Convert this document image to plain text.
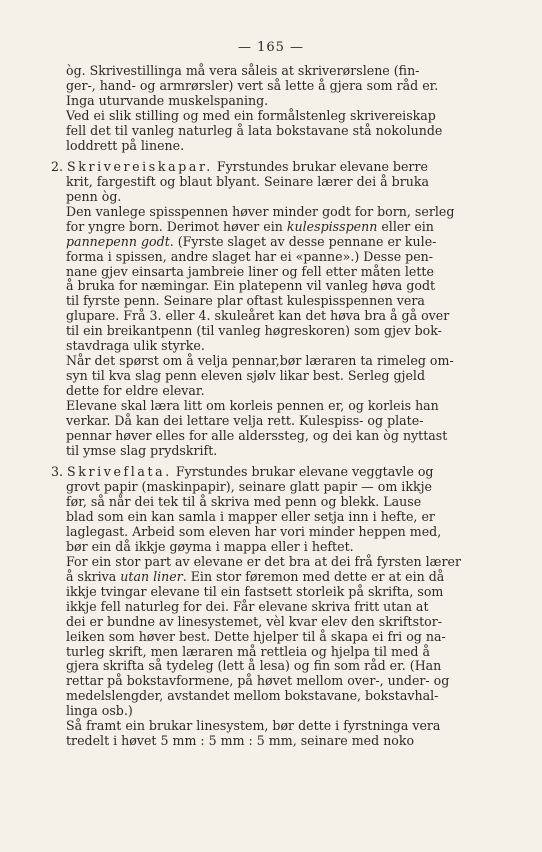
— 165 —

òg. Skrivestillinga må vera såleis at skriverørslene (fin-

ger-, hand- og armrørsler) vert så lette å gjera som råd er.

Inga uturvande muskelspaning.

Ved ei slik stilling og med ein formålstenleg skrivereiskap

fell det til vanleg naturleg å lata bokstavane stå nokolunde

loddrett på linene.

2. Skrivereiskapar. Fyrstundes brukar elevane berre

krit, fargestift og blaut blyant. Seinare lærer dei å bruka

penn òg.

Den vanlege spisspennen høver minder godt for born, serleg

for yngre born. Derimot høver ein kulespisspenn eller ein

pannepenn godt. (Fyrste slaget av desse pennane er kule-

forma i spissen, andre slaget har ei «panne».) Desse pen-

nane gjev einsarta jambreie liner og fell etter måten lette

å bruka for næmingar. Ein platepenn vil vanleg høva godt

til fyrste penn. Seinare plar oftast kulespisspennen vera

glupare. Frå 3. eller 4. skuleåret kan det høva bra å gå over

til ein breikantpenn (til vanleg høgreskoren) som gjev bok-

stavdraga ulik styrke.

Når det spørst om å velja pennar,bør læraren ta rimeleg om-

syn til kva slag penn eleven sjølv likar best. Serleg gjeld

dette for eldre elevar.

Elevane skal læra litt om korleis pennen er, og korleis han

verkar. Då kan dei lettare velja rett. Kulespiss- og plate-

pennar høver elles for alle alderssteg, og dei kan òg nyttast

til ymse slag prydskrift.

3. Skriveflata. Fyrstundes brukar elevane veggtavle og

grovt papir (maskinpapir), seinare glatt papir — om ikkje

før, så når dei tek til å skriva med penn og blekk. Lause

blad som ein kan samla i mapper eller setja inn i hefte, er

laglegast. Arbeid som eleven har vori minder heppen med,

bør ein då ikkje gøyma i mappa eller i heftet.

For ein stor part av elevane er det bra at dei frå fyrsten lærer

å skriva utan liner. Ein stor føremon med dette er at ein då

ikkje tvingar elevane til ein fastsett storleik på skrifta, som

ikkje fell naturleg for dei. Får elevane skriva fritt utan at

dei er bundne av linesystemet, vèl kvar elev den skriftstor-

leiken som høver best. Dette hjelper til å skapa ei fri og na-

turleg skrift, men læraren må rettleia og hjelpa til med å

gjera skrifta så tydeleg (lett å lesa) og fin som råd er. (Han

rettar på bokstavformene, på høvet mellom over-, under- og

medelslengder, avstandet mellom bokstavane, bokstavhal-

linga osb.)

Så framt ein brukar linesystem, bør dette i fyrstninga vera

tredelt i høvet 5 mm : 5 mm : 5 mm, seinare med noko
